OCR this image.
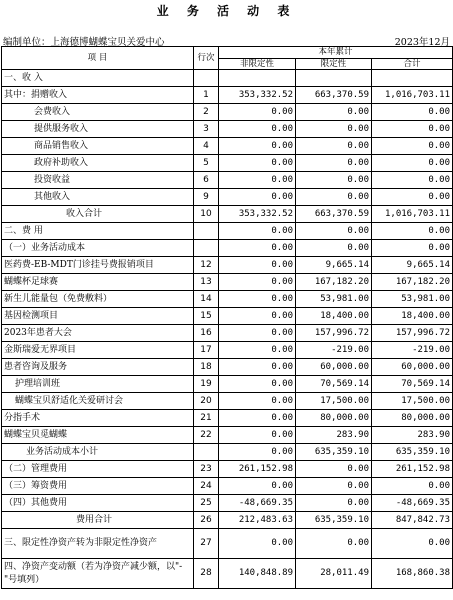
业 务 活 动 表
编制单位：上海德博蝴蝶宝贝关爱中心	2023年12月
项 目	行次	本年累计		
		非限定性	限定性	合计
一、收 入				
其中：捐赠收入	1	353,332.52	663,370.59	1,016,703.11
会费收入	2	0.00	0.00	0.00
提供服务收入	3	0.00	0.00	0.00
商品销售收入	4	0.00	0.00	0.00
政府补助收入	5	0.00	0.00	0.00
投资收益	6	0.00	0.00	0.00
其他收入	9	0.00	0.00	0.00
收入合计	10	353,332.52	663,370.59	1,016,703.11
二、费 用		0.00	0.00	0.00
（一）业务活动成本		0.00	0.00	0.00
医药费-EB-MDT门诊挂号费报销项目	12	0.00	9,665.14	9,665.14
蝴蝶杯足球赛	13	0.00	167,182.20	167,182.20
新生儿能量包（免费敷料）	14	0.00	53,981.00	53,981.00
基因检测项目	15	0.00	18,400.00	18,400.00
2023年患者大会	16	0.00	157,996.72	157,996.72
金斯瑞爱无界项目	17	0.00	-219.00	-219.00
患者咨询及服务	18	0.00	60,000.00	60,000.00
护理培训班	19	0.00	70,569.14	70,569.14
蝴蝶宝贝舒适化关爱研讨会	20	0.00	17,500.00	17,500.00
分指手术	21	0.00	80,000.00	80,000.00
蝴蝶宝贝觅蝴蝶	22	0.00	283.90	283.90
业务活动成本小计		0.00	635,359.10	635,359.10
（二）管理费用	23	261,152.98	0.00	261,152.98
（三）筹资费用	24	0.00	0.00	0.00
（四）其他费用	25	-48,669.35	0.00	-48,669.35
费用合计	26	212,483.63	635,359.10	847,842.73
三、限定性净资产转为非限定性净资产	27	0.00	0.00	0.00
四、净资产变动额（若为净资产减少额，以"-"号填列）	28	140,848.89	28,011.49	168,860.38
